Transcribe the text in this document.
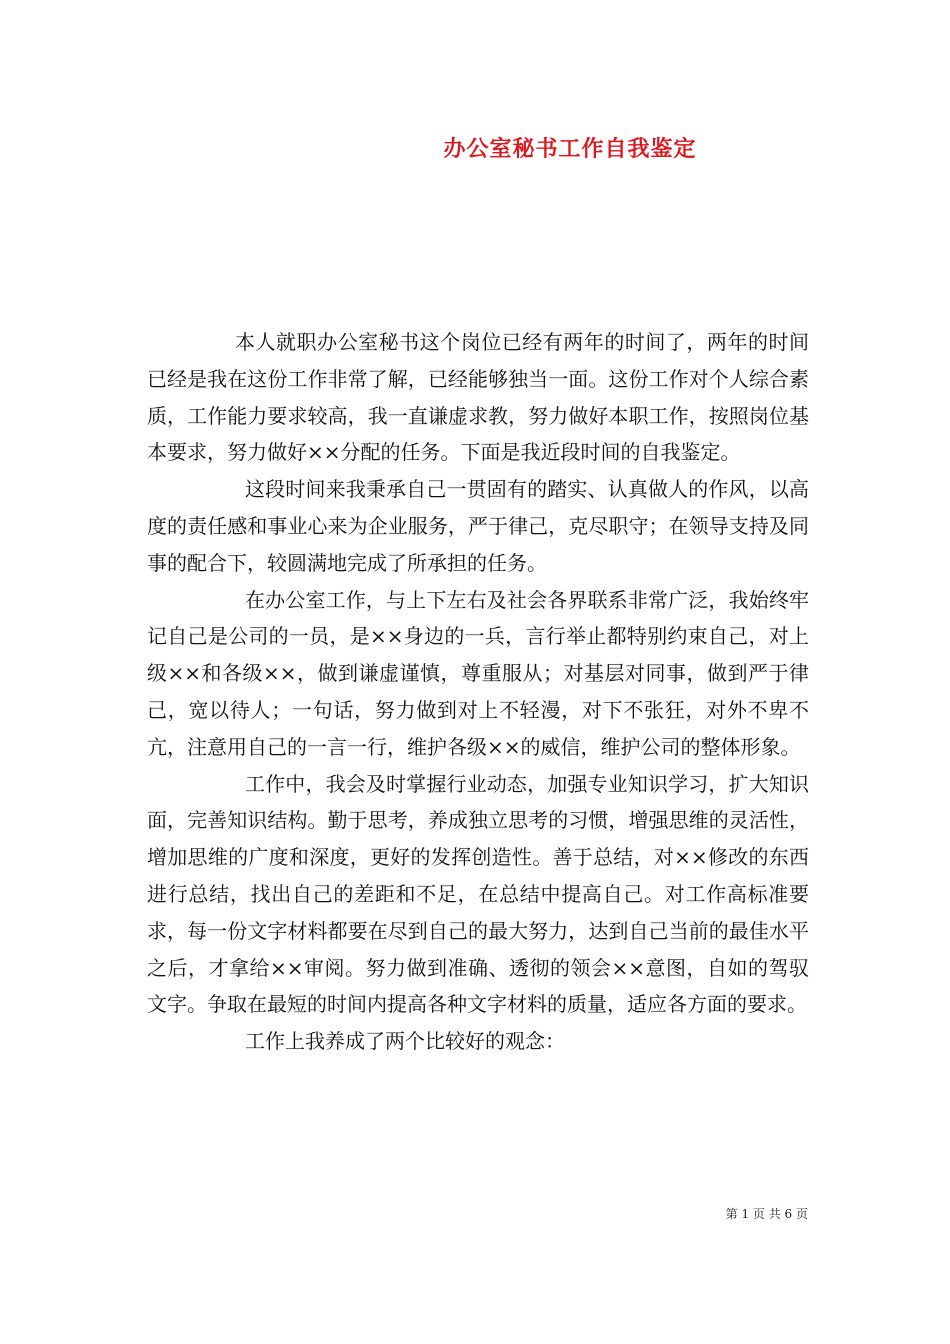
办公室秘书工作自我鉴定

本人就职办公室秘书这个岗位已经有两年的时间了，两年的时间已经是我在这份工作非常了解，已经能够独当一面。这份工作对个人综合素质，工作能力要求较高，我一直谦虚求教，努力做好本职工作，按照岗位基本要求，努力做好××分配的任务。下面是我近段时间的自我鉴定。

这段时间来我秉承自己一贯固有的踏实、认真做人的作风，以高度的责任感和事业心来为企业服务，严于律己，克尽职守；在领导支持及同事的配合下，较圆满地完成了所承担的任务。

在办公室工作，与上下左右及社会各界联系非常广泛，我始终牢记自己是公司的一员，是××身边的一兵，言行举止都特别约束自己，对上级××和各级××，做到谦虚谨慎，尊重服从；对基层对同事，做到严于律己，宽以待人；一句话，努力做到对上不轻漫，对下不张狂，对外不卑不亢，注意用自己的一言一行，维护各级××的威信，维护公司的整体形象。

工作中，我会及时掌握行业动态，加强专业知识学习，扩大知识面，完善知识结构。勤于思考，养成独立思考的习惯，增强思维的灵活性，增加思维的广度和深度，更好的发挥创造性。善于总结，对××修改的东西进行总结，找出自己的差距和不足，在总结中提高自己。对工作高标准要求，每一份文字材料都要在尽到自己的最大努力，达到自己当前的最佳水平之后，才拿给××审阅。努力做到准确、透彻的领会××意图，自如的驾驭文字。争取在最短的时间内提高各种文字材料的质量，适应各方面的要求。

工作上我养成了两个比较好的观念：

第 1 页 共 6 页
